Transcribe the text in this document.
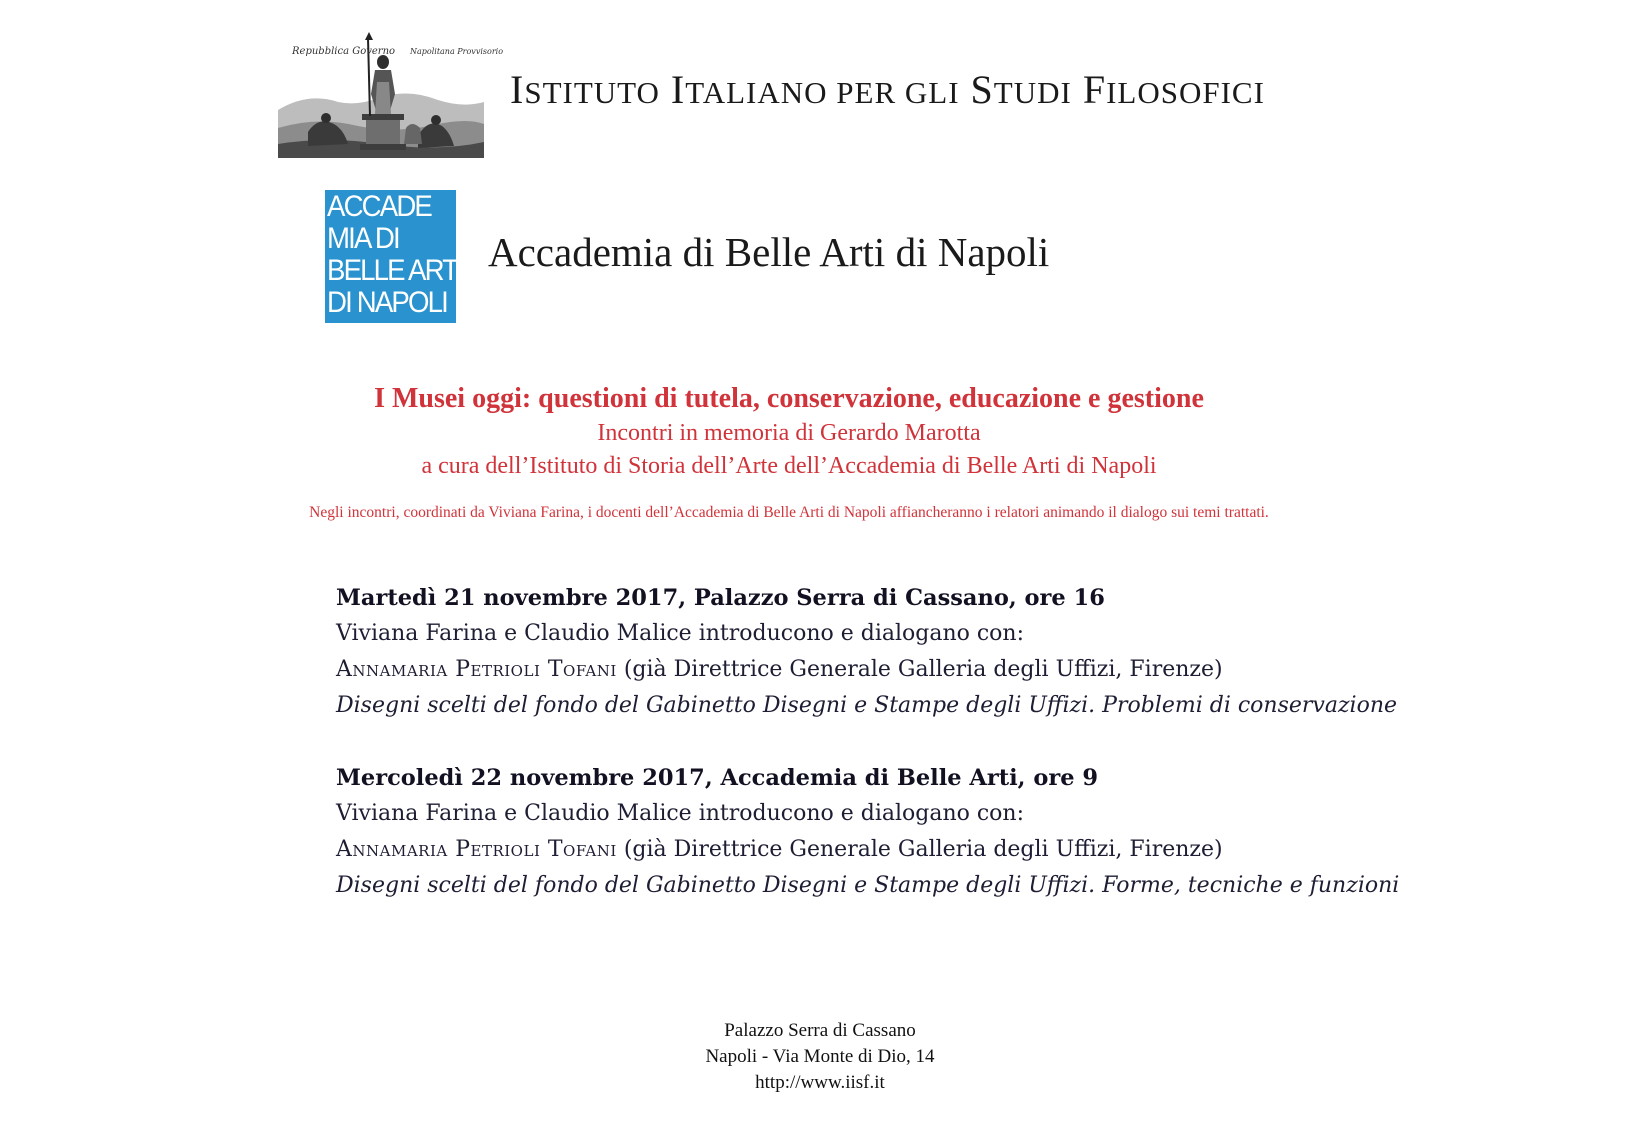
Repubblica Governo Napolitana Provvisorio
ISTITUTO ITALIANO PER GLI STUDI FILOSOFICI
ACCADE
MIA DI
BELLE ARTI
DI NAPOLI
Accademia di Belle Arti di Napoli
I Musei oggi: questioni di tutela, conservazione, educazione e gestione
Incontri in memoria di Gerardo Marotta
a cura dell’Istituto di Storia dell’Arte dell’Accademia di Belle Arti di Napoli
Negli incontri, coordinati da Viviana Farina, i docenti dell’Accademia di Belle Arti di Napoli affiancheranno i relatori animando il dialogo sui temi trattati.
Martedì 21 novembre 2017, Palazzo Serra di Cassano, ore 16
Viviana Farina e Claudio Malice introducono e dialogano con:
Annamaria Petrioli Tofani (già Direttrice Generale Galleria degli Uffizi, Firenze)
Disegni scelti del fondo del Gabinetto Disegni e Stampe degli Uffizi. Problemi di conservazione
Mercoledì 22 novembre 2017, Accademia di Belle Arti, ore 9
Viviana Farina e Claudio Malice introducono e dialogano con:
Annamaria Petrioli Tofani (già Direttrice Generale Galleria degli Uffizi, Firenze)
Disegni scelti del fondo del Gabinetto Disegni e Stampe degli Uffizi. Forme, tecniche e funzioni
Palazzo Serra di Cassano
Napoli - Via Monte di Dio, 14
http://www.iisf.it
